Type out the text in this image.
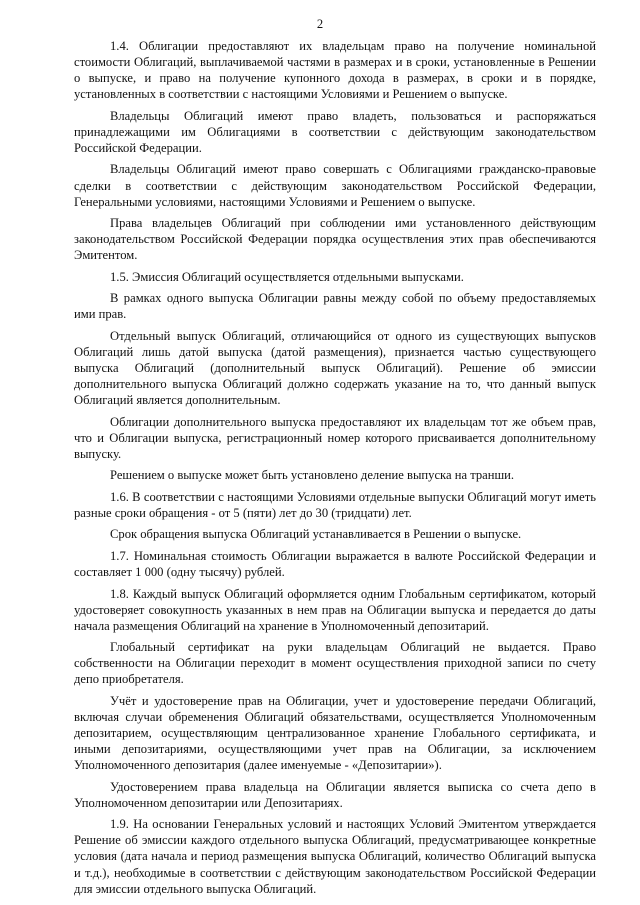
2

1.4. Облигации предоставляют их владельцам право на получение номинальной стоимости Облигаций, выплачиваемой частями в размерах и в сроки, установленные в Решении о выпуске, и право на получение купонного дохода в размерах, в сроки и в порядке, установленных в соответствии с настоящими Условиями и Решением о выпуске.

Владельцы Облигаций имеют право владеть, пользоваться и распоряжаться принадлежащими им Облигациями в соответствии с действующим законодательством Российской Федерации.

Владельцы Облигаций имеют право совершать с Облигациями гражданско-правовые сделки в соответствии с действующим законодательством Российской Федерации, Генеральными условиями, настоящими Условиями и Решением о выпуске.

Права владельцев Облигаций при соблюдении ими установленного действующим законодательством Российской Федерации порядка осуществления этих прав обеспечиваются Эмитентом.

1.5. Эмиссия Облигаций осуществляется отдельными выпусками.

В рамках одного выпуска Облигации равны между собой по объему предоставляемых ими прав.

Отдельный выпуск Облигаций, отличающийся от одного из существующих выпусков Облигаций лишь датой выпуска (датой размещения), признается частью существующего выпуска Облигаций (дополнительный выпуск Облигаций). Решение об эмиссии дополнительного выпуска Облигаций должно содержать указание на то, что данный выпуск Облигаций является дополнительным.

Облигации дополнительного выпуска предоставляют их владельцам тот же объем прав, что и Облигации выпуска, регистрационный номер которого присваивается дополнительному выпуску.

Решением о выпуске может быть установлено деление выпуска на транши.

1.6. В соответствии с настоящими Условиями отдельные выпуски Облигаций могут иметь разные сроки обращения - от 5 (пяти) лет до 30 (тридцати) лет.

Срок обращения выпуска Облигаций устанавливается в Решении о выпуске.

1.7. Номинальная стоимость Облигации выражается в валюте Российской Федерации и составляет 1 000 (одну тысячу) рублей.

1.8. Каждый выпуск Облигаций оформляется одним Глобальным сертификатом, который удостоверяет совокупность указанных в нем прав на Облигации выпуска и передается до даты начала размещения Облигаций на хранение в Уполномоченный депозитарий.

Глобальный сертификат на руки владельцам Облигаций не выдается. Право собственности на Облигации переходит в момент осуществления приходной записи по счету депо приобретателя.

Учёт и удостоверение прав на Облигации, учет и удостоверение передачи Облигаций, включая случаи обременения Облигаций обязательствами, осуществляется Уполномоченным депозитарием, осуществляющим централизованное хранение Глобального сертификата, и иными депозитариями, осуществляющими учет прав на Облигации, за исключением Уполномоченного депозитария (далее именуемые - «Депозитарии»).

Удостоверением права владельца на Облигации является выписка со счета депо в Уполномоченном депозитарии или Депозитариях.

1.9. На основании Генеральных условий и настоящих Условий Эмитентом утверждается Решение об эмиссии каждого отдельного выпуска Облигаций, предусматривающее конкретные условия (дата начала и период размещения выпуска Облигаций, количество Облигаций выпуска и т.д.), необходимые в соответствии с действующим законодательством Российской Федерации для эмиссии отдельного выпуска Облигаций.
